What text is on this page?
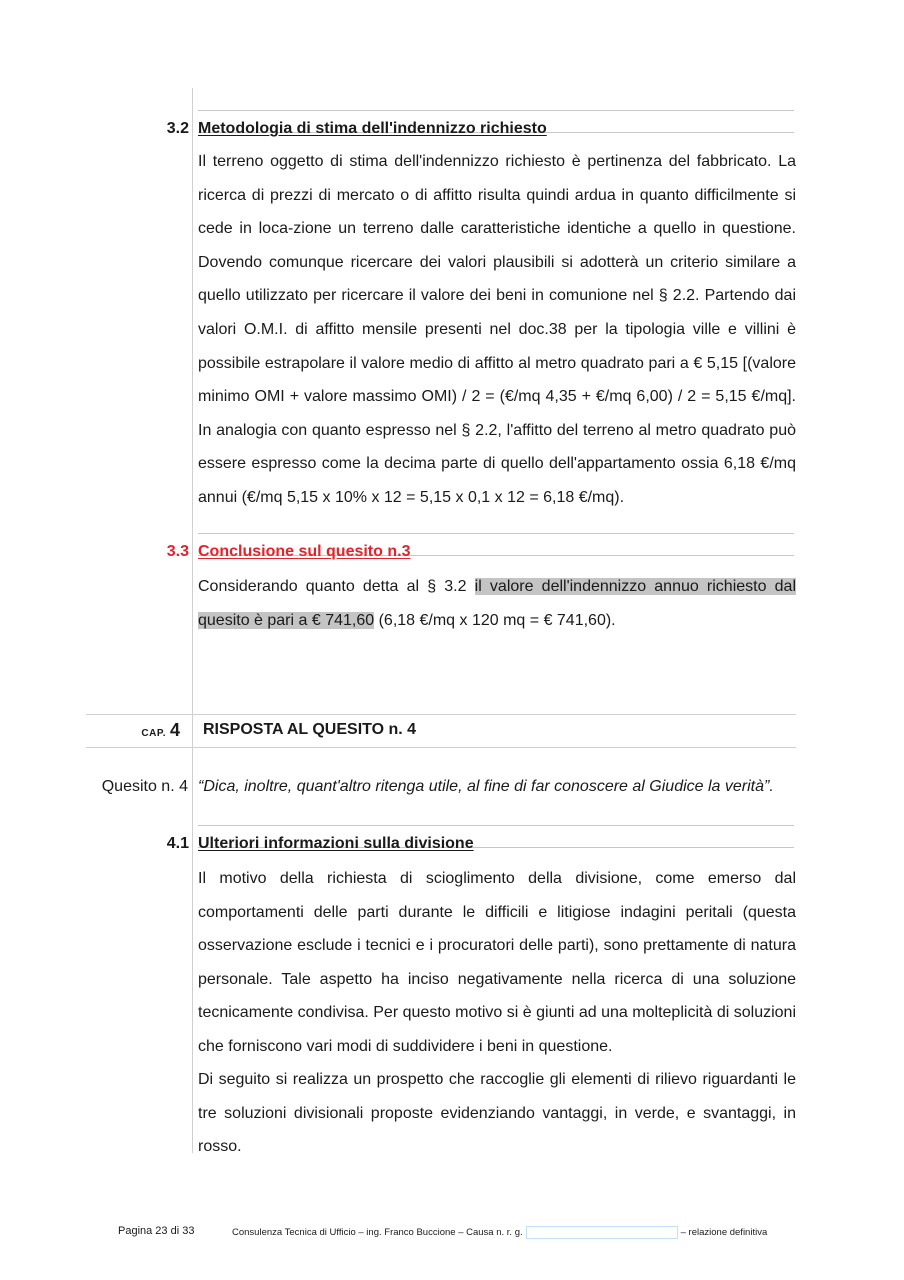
3.2 Metodologia di stima dell'indennizzo richiesto

Il terreno oggetto di stima dell'indennizzo richiesto è pertinenza del fabbricato. La ricerca di prezzi di mercato o di affitto risulta quindi ardua in quanto difficilmente si cede in loca-zione un terreno dalle caratteristiche identiche a quello in questione. Dovendo comunque ricercare dei valori plausibili si adotterà un criterio similare a quello utilizzato per ricercare il valore dei beni in comunione nel § 2.2. Partendo dai valori O.M.I. di affitto mensile presenti nel doc.38 per la tipologia ville e villini è possibile estrapolare il valore medio di affitto al metro quadrato pari a € 5,15 [(valore minimo OMI + valore massimo OMI) / 2 = (€/mq 4,35 + €/mq 6,00) / 2 = 5,15 €/mq]. In analogia con quanto espresso nel § 2.2, l'affitto del terreno al metro quadrato può essere espresso come la decima parte di quello dell'appartamento ossia 6,18 €/mq annui (€/mq 5,15 x 10% x 12 = 5,15 x 0,1 x 12 = 6,18 €/mq).

3.3 Conclusione sul quesito n.3

Considerando quanto detta al § 3.2 il valore dell'indennizzo annuo richiesto dal quesito è pari a € 741,60 (6,18 €/mq x 120 mq = € 741,60).

CAP. 4 RISPOSTA AL QUESITO n. 4
Quesito n. 4 “Dica, inoltre, quant'altro ritenga utile, al fine di far conoscere al Giudice la verità”.
4.1 Ulteriori informazioni sulla divisione

Il motivo della richiesta di scioglimento della divisione, come emerso dal comportamenti delle parti durante le difficili e litigiose indagini peritali (questa osservazione esclude i tecnici e i procuratori delle parti), sono prettamente di natura personale. Tale aspetto ha inciso negativamente nella ricerca di una soluzione tecnicamente condivisa. Per questo motivo si è giunti ad una molteplicità di soluzioni che forniscono vari modi di suddividere i beni in questione.

Di seguito si realizza un prospetto che raccoglie gli elementi di rilievo riguardanti le tre soluzioni divisionali proposte evidenziando vantaggi, in verde, e svantaggi, in rosso.

Pagina 23 di 33	Consulenza Tecnica di Ufficio – ing. Franco Buccione – Causa n. r. g.	– relazione definitiva
